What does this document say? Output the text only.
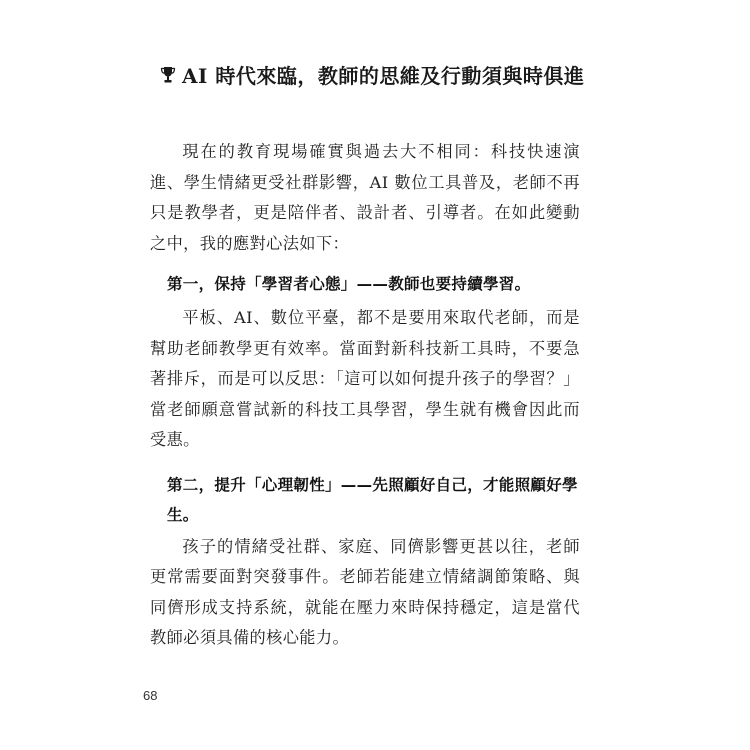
AI 時代來臨，教師的思維及行動須與時俱進

現在的教育現場確實與過去大不相同：科技快速演進、學生情緒更受社群影響，AI 數位工具普及，老師不再只是教學者，更是陪伴者、設計者、引導者。在如此變動之中，我的應對心法如下：

第一，保持「學習者心態」——教師也要持續學習。

平板、AI、數位平臺，都不是要用來取代老師，而是幫助老師教學更有效率。當面對新科技新工具時，不要急著排斥，而是可以反思：「這可以如何提升孩子的學習？」當老師願意嘗試新的科技工具學習，學生就有機會因此而受惠。

第二，提升「心理韌性」——先照顧好自己，才能照顧好學生。

孩子的情緒受社群、家庭、同儕影響更甚以往，老師更常需要面對突發事件。老師若能建立情緒調節策略、與同儕形成支持系統，就能在壓力來時保持穩定，這是當代教師必須具備的核心能力。

68
